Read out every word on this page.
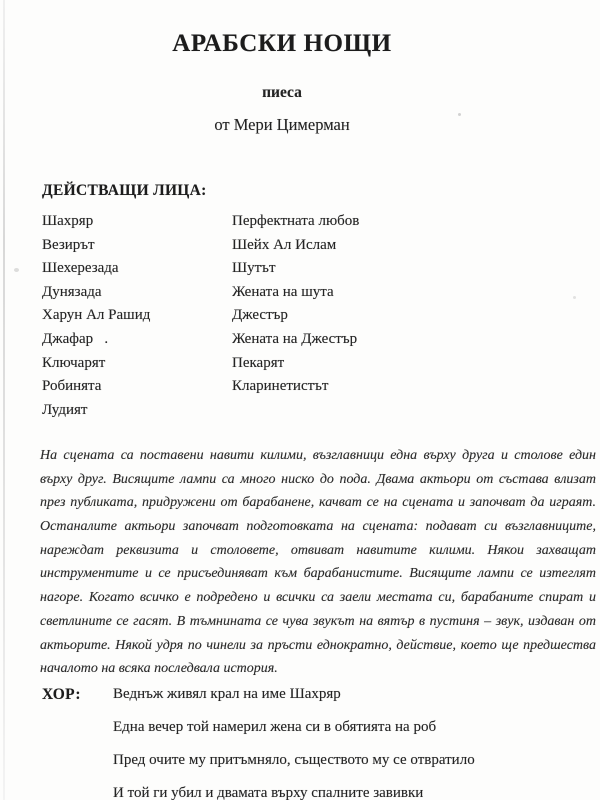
АРАБСКИ НОЩИ
пиеса
от Мери Цимерман
ДЕЙСТВАЩИ ЛИЦА:
Шахряр	Перфектната любов
Везирът	Шейх Ал Ислам
Шехерезада	Шутът
Дунязада	Жената на шута
Харун Ал Рашид	Джестър
Джафар   .	Жената на Джестър
Ключарят	Пекарят
Робинята	Кларинетистът
Лудият
На сцената са поставени навити килими, възглавници една върху друга и столове един
върху друг. Висящите лампи са много ниско до пода. Двама актьори от състава влизат
през публиката, придружени от барабанене, качват се на сцената и започват да играят.
Останалите актьори започват подготовката на сцената: подават си възглавниците,
нареждат реквизита и столовете, отвиват навитите килими. Някои захващат
инструментите и се присъединяват към барабанистите. Висящите лампи се изтеглят
нагоре. Когато всичко е подредено и всички са заели местата си, барабаните спират и
светлините се гасят. В тъмнината се чува звукът на вятър в пустиня – звук, издаван от
актьорите. Някой удря по чинели за пръсти еднократно, действие, което ще предшества
началото на всяка последвала история.
ХОР: Веднъж живял крал на име Шахряр
Една вечер той намерил жена си в обятията на роб
Пред очите му притъмняло, съществото му се отвратило
И той ги убил и двамата върху спалните завивки
